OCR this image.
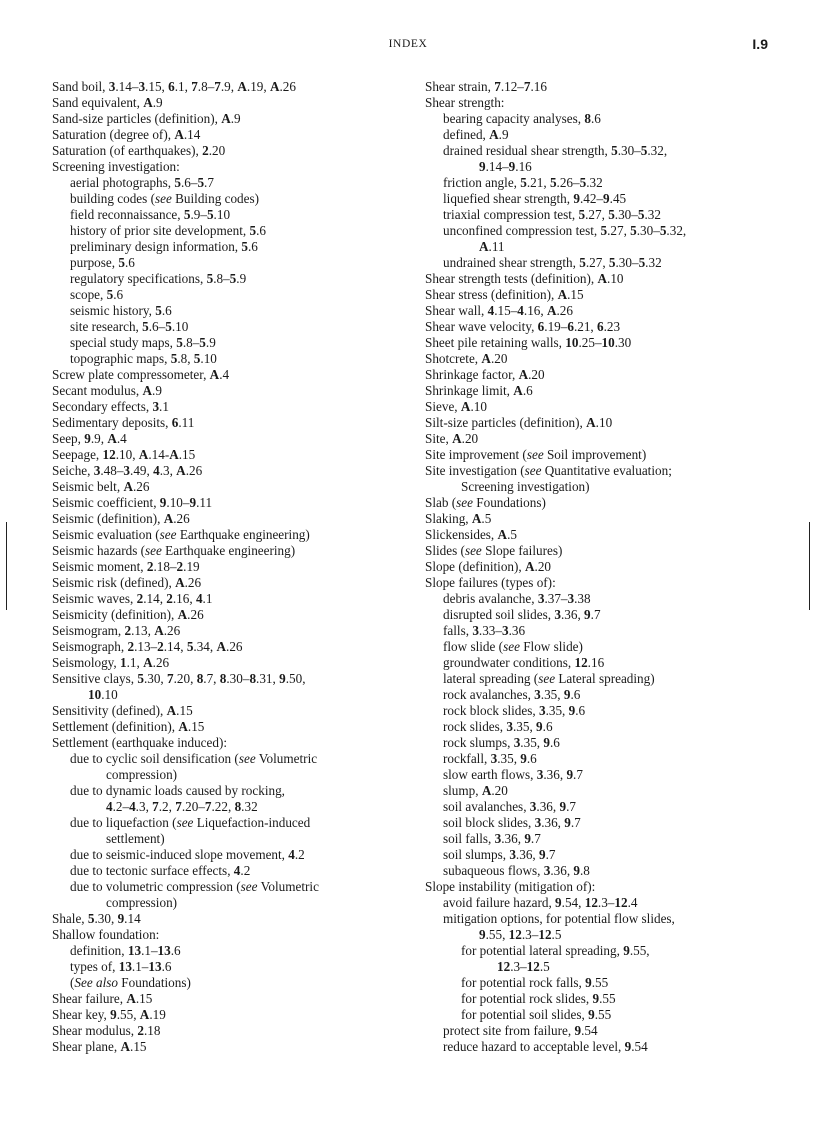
INDEX	I.9

Sand boil, 3.14–3.15, 6.1, 7.8–7.9, A.19, A.26

Sand equivalent, A.9

Sand-size particles (definition), A.9

Saturation (degree of), A.14

Saturation (of earthquakes), 2.20

Screening investigation:

aerial photographs, 5.6–5.7

building codes (see Building codes)

field reconnaissance, 5.9–5.10

history of prior site development, 5.6

preliminary design information, 5.6

purpose, 5.6

regulatory specifications, 5.8–5.9

scope, 5.6

seismic history, 5.6

site research, 5.6–5.10

special study maps, 5.8–5.9

topographic maps, 5.8, 5.10

Screw plate compressometer, A.4

Secant modulus, A.9

Secondary effects, 3.1

Sedimentary deposits, 6.11

Seep, 9.9, A.4

Seepage, 12.10, A.14-A.15

Seiche, 3.48–3.49, 4.3, A.26

Seismic belt, A.26

Seismic coefficient, 9.10–9.11

Seismic (definition), A.26

Seismic evaluation (see Earthquake engineering)

Seismic hazards (see Earthquake engineering)

Seismic moment, 2.18–2.19

Seismic risk (defined), A.26

Seismic waves, 2.14, 2.16, 4.1

Seismicity (definition), A.26

Seismogram, 2.13, A.26

Seismograph, 2.13–2.14, 5.34, A.26

Seismology, 1.1, A.26

Sensitive clays, 5.30, 7.20, 8.7, 8.30–8.31, 9.50,

10.10

Sensitivity (defined), A.15

Settlement (definition), A.15

Settlement (earthquake induced):

due to cyclic soil densification (see Volumetric

compression)

due to dynamic loads caused by rocking,

4.2–4.3, 7.2, 7.20–7.22, 8.32

due to liquefaction (see Liquefaction-induced

settlement)

due to seismic-induced slope movement, 4.2

due to tectonic surface effects, 4.2

due to volumetric compression (see Volumetric

compression)

Shale, 5.30, 9.14

Shallow foundation:

definition, 13.1–13.6

types of, 13.1–13.6

(See also Foundations)

Shear failure, A.15

Shear key, 9.55, A.19

Shear modulus, 2.18

Shear plane, A.15

Shear strain, 7.12–7.16

Shear strength:

bearing capacity analyses, 8.6

defined, A.9

drained residual shear strength, 5.30–5.32,

9.14–9.16

friction angle, 5.21, 5.26–5.32

liquefied shear strength, 9.42–9.45

triaxial compression test, 5.27, 5.30–5.32

unconfined compression test, 5.27, 5.30–5.32,

A.11

undrained shear strength, 5.27, 5.30–5.32

Shear strength tests (definition), A.10

Shear stress (definition), A.15

Shear wall, 4.15–4.16, A.26

Shear wave velocity, 6.19–6.21, 6.23

Sheet pile retaining walls, 10.25–10.30

Shotcrete, A.20

Shrinkage factor, A.20

Shrinkage limit, A.6

Sieve, A.10

Silt-size particles (definition), A.10

Site, A.20

Site improvement (see Soil improvement)

Site investigation (see Quantitative evaluation;

Screening investigation)

Slab (see Foundations)

Slaking, A.5

Slickensides, A.5

Slides (see Slope failures)

Slope (definition), A.20

Slope failures (types of):

debris avalanche, 3.37–3.38

disrupted soil slides, 3.36, 9.7

falls, 3.33–3.36

flow slide (see Flow slide)

groundwater conditions, 12.16

lateral spreading (see Lateral spreading)

rock avalanches, 3.35, 9.6

rock block slides, 3.35, 9.6

rock slides, 3.35, 9.6

rock slumps, 3.35, 9.6

rockfall, 3.35, 9.6

slow earth flows, 3.36, 9.7

slump, A.20

soil avalanches, 3.36, 9.7

soil block slides, 3.36, 9.7

soil falls, 3.36, 9.7

soil slumps, 3.36, 9.7

subaqueous flows, 3.36, 9.8

Slope instability (mitigation of):

avoid failure hazard, 9.54, 12.3–12.4

mitigation options, for potential flow slides,

9.55, 12.3–12.5

for potential lateral spreading, 9.55,

12.3–12.5

for potential rock falls, 9.55

for potential rock slides, 9.55

for potential soil slides, 9.55

protect site from failure, 9.54

reduce hazard to acceptable level, 9.54
